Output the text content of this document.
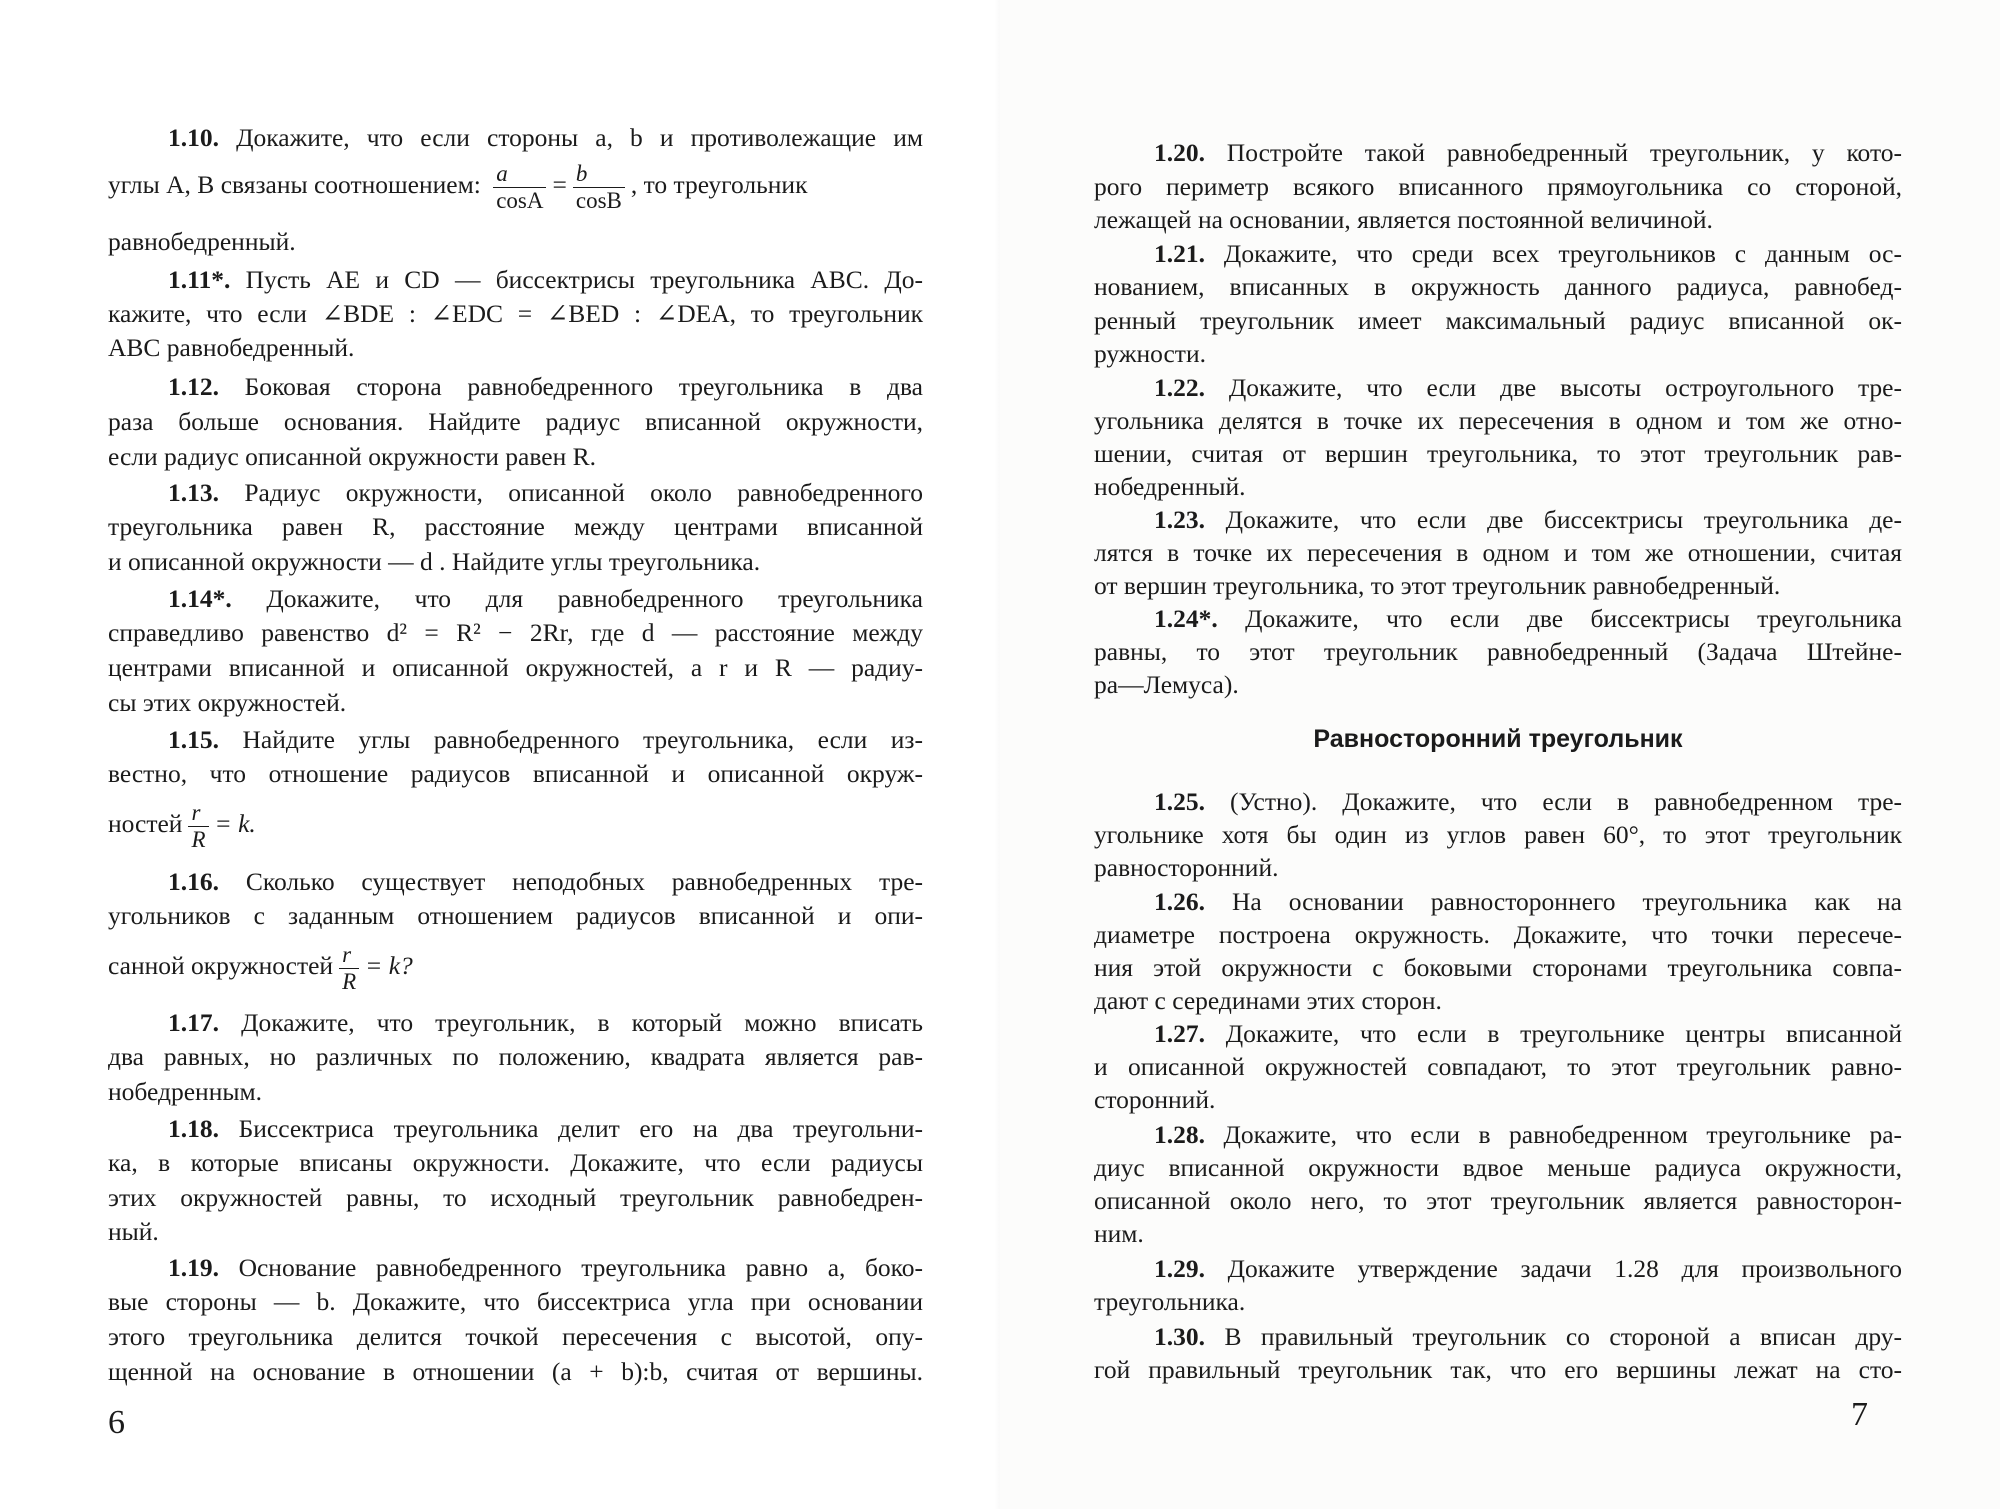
1.10. Докажите, что если стороны a, b и противолежащие им
углы A, B связаны соотношением: $\frac{a}{\cos A} = \frac{b}{\cos B}$ , то треугольник
равнобедренный.
1.11*. Пусть AE и CD — биссектрисы треугольника ABC. До-
кажите, что если ∠BDE : ∠EDC = ∠BED : ∠DEA, то треугольник
ABC равнобедренный.
1.12. Боковая сторона равнобедренного треугольника в два
раза больше основания. Найдите радиус вписанной окружности,
если радиус описанной окружности равен R.
1.13. Радиус окружности, описанной около равнобедренного
треугольника равен R, расстояние между центрами вписанной
и описанной окружности — d . Найдите углы треугольника.
1.14*. Докажите, что для равнобедренного треугольника
справедливо равенство d² = R² − 2Rr, где d — расстояние между
центрами вписанной и описанной окружностей, а r и R — радиу-
сы этих окружностей.
1.15. Найдите углы равнобедренного треугольника, если из-
вестно, что отношение радиусов вписанной и описанной окруж-
ностей $\frac{r}{R} = k$.
1.16. Сколько существует неподобных равнобедренных тре-
угольников с заданным отношением радиусов вписанной и опи-
санной окружностей $\frac{r}{R} = k$?
1.17. Докажите, что треугольник, в который можно вписать
два равных, но различных по положению, квадрата является рав-
нобедренным.
1.18. Биссектриса треугольника делит его на два треугольни-
ка, в которые вписаны окружности. Докажите, что если радиусы
этих окружностей равны, то исходный треугольник равнобедрен-
ный.
1.19. Основание равнобедренного треугольника равно a, боко-
вые стороны — b. Докажите, что биссектриса угла при основании
этого треугольника делится точкой пересечения с высотой, опу-
щенной на основание в отношении (a + b):b, считая от вершины.
6
1.20. Постройте такой равнобедренный треугольник, у кото-
рого периметр всякого вписанного прямоугольника со стороной,
лежащей на основании, является постоянной величиной.
1.21. Докажите, что среди всех треугольников с данным ос-
нованием, вписанных в окружность данного радиуса, равнобед-
ренный треугольник имеет максимальный радиус вписанной ок-
ружности.
1.22. Докажите, что если две высоты остроугольного тре-
угольника делятся в точке их пересечения в одном и том же отно-
шении, считая от вершин треугольника, то этот треугольник рав-
нобедренный.
1.23. Докажите, что если две биссектрисы треугольника де-
лятся в точке их пересечения в одном и том же отношении, считая
от вершин треугольника, то этот треугольник равнобедренный.
1.24*. Докажите, что если две биссектрисы треугольника
равны, то этот треугольник равнобедренный (Задача Штейне-
ра—Лемуса).
Равносторонний треугольник
1.25. (Устно). Докажите, что если в равнобедренном тре-
угольнике хотя бы один из углов равен 60°, то этот треугольник
равносторонний.
1.26. На основании равностороннего треугольника как на
диаметре построена окружность. Докажите, что точки пересече-
ния этой окружности с боковыми сторонами треугольника совпа-
дают с серединами этих сторон.
1.27. Докажите, что если в треугольнике центры вписанной
и описанной окружностей совпадают, то этот треугольник равно-
сторонний.
1.28. Докажите, что если в равнобедренном треугольнике ра-
диус вписанной окружности вдвое меньше радиуса окружности,
описанной около него, то этот треугольник является равносторон-
ним.
1.29. Докажите утверждение задачи 1.28 для произвольного
треугольника.
1.30. В правильный треугольник со стороной a вписан дру-
гой правильный треугольник так, что его вершины лежат на сто-
7
